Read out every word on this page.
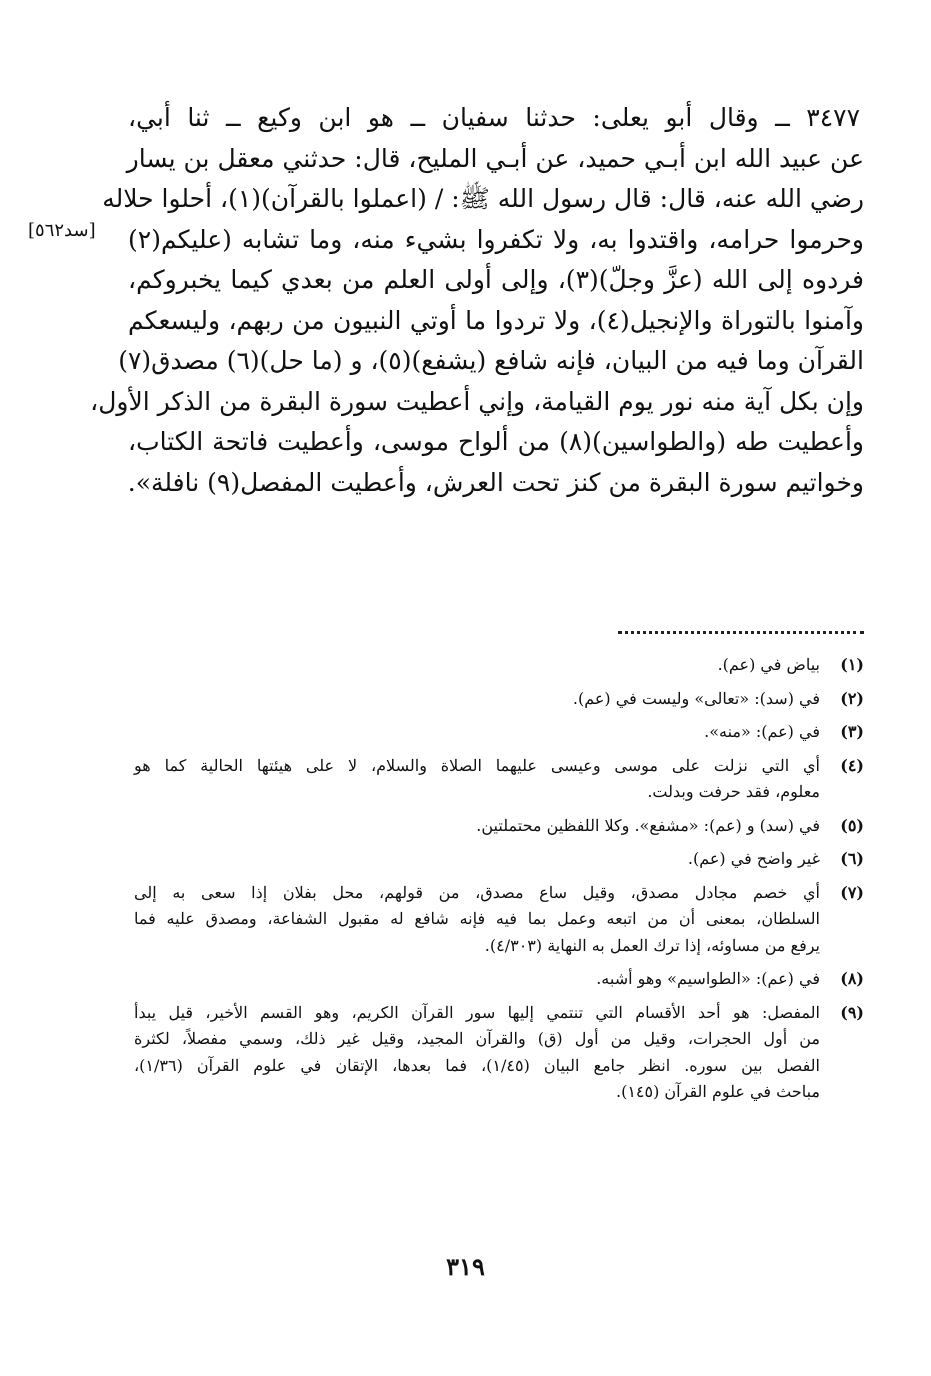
٣٤٧٧ ــ وقال أبو يعلى: حدثنا سفيان ــ هو ابن وكيع ــ ثنا أبي،
عن عبيد الله ابن أبـي حميد، عن أبـي المليح، قال: حدثني معقل بن يسار
رضي الله عنه، قال: قال رسول الله ﷺ: / (اعملوا بالقرآن)(١)، أحلوا حلاله
وحرموا حرامه، واقتدوا به، ولا تكفروا بشيء منه، وما تشابه (عليكم(٢)
فردوه إلى الله (عزَّ وجلّ)(٣)، وإلى أولى العلم من بعدي كيما يخبروكم،
وآمنوا بالتوراة والإنجيل(٤)، ولا تردوا ما أوتي النبيون من ربهم، وليسعكم
القرآن وما فيه من البيان، فإنه شافع (يشفع)(٥)، و (ما حل)(٦) مصدق(٧)
وإن بكل آية منه نور يوم القيامة، وإني أعطيت سورة البقرة من الذكر الأول،
وأعطيت طه (والطواسين)(٨) من ألواح موسى، وأعطيت فاتحة الكتاب،
وخواتيم سورة البقرة من كنز تحت العرش، وأعطيت المفصل(٩) نافلة».
[سد٥٦٢]
(١)
بياض في (عم).
(٢)
في (سد): «تعالى» وليست في (عم).
(٣)
في (عم): «منه».
(٤)
أي التي نزلت على موسى وعيسى عليهما الصلاة والسلام، لا على هيئتها الحالية كما هو
معلوم، فقد حرفت وبدلت.
(٥)
في (سد) و (عم): «مشفع». وكلا اللفظين محتملتين.
(٦)
غير واضح في (عم).
(٧)
أي خصم مجادل مصدق، وقيل ساع مصدق، من قولهم، محل بفلان إذا سعى به إلى
السلطان، بمعنى أن من اتبعه وعمل بما فيه فإنه شافع له مقبول الشفاعة، ومصدق عليه فما
يرفع من مساوئه، إذا ترك العمل به النهاية (٤/٣٠٣).
(٨)
في (عم): «الطواسيم» وهو أشبه.
(٩)
المفصل: هو أحد الأقسام التي تنتمي إليها سور القرآن الكريم، وهو القسم الأخير، قيل يبدأ
من أول الحجرات، وقيل من أول (ق) والقرآن المجيد، وقيل غير ذلك، وسمي مفصلاً، لكثرة
الفصل بين سوره. انظر جامع البيان (١/٤٥)، فما بعدها، الإتقان في علوم القرآن (١/٣٦)،
مباحث في علوم القرآن (١٤٥).
٣١٩
